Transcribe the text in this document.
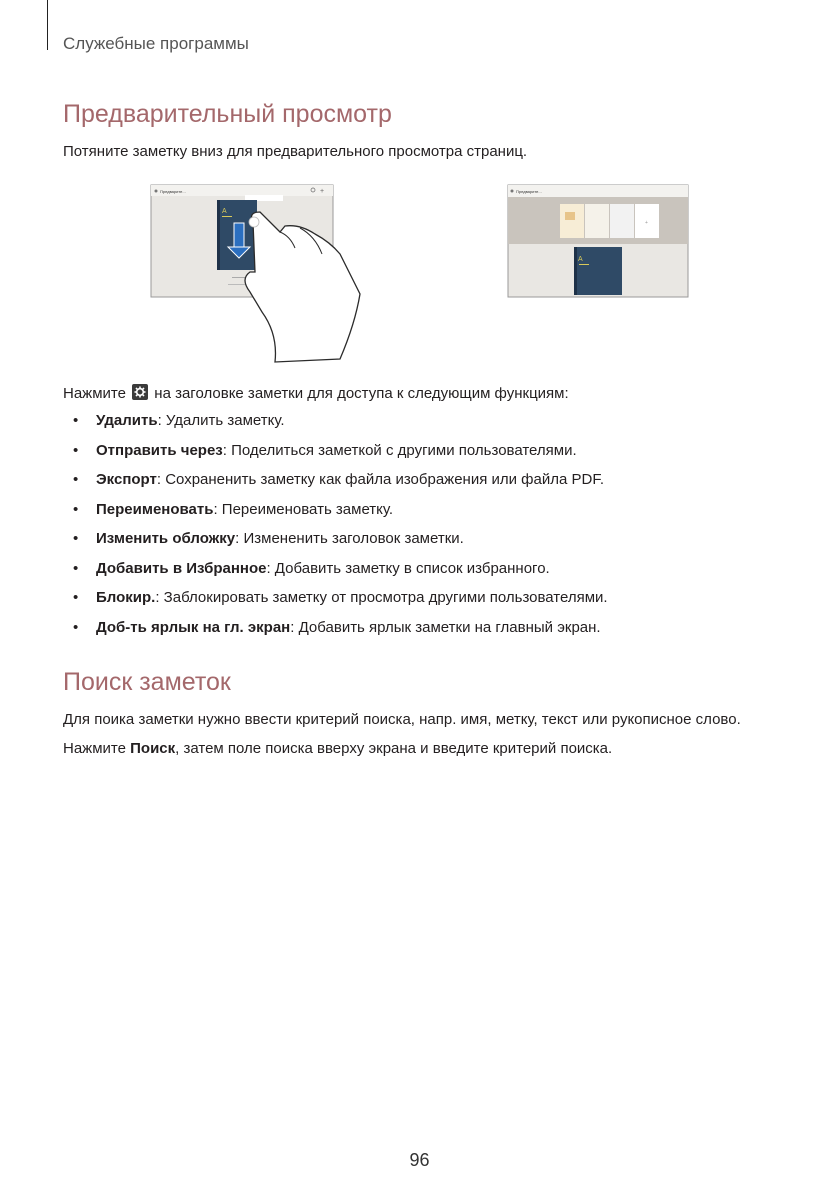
Служебные программы
Предварительный просмотр
Потяните заметку вниз для предварительного просмотра страниц.
Предварите...	+
A
Предварите...
+
A
Нажмите на заголовке заметки для доступа к следующим функциям:
• Удалить: Удалить заметку.
• Отправить через: Поделиться заметкой с другими пользователями.
• Экспорт: Сохраненить заметку как файла изображения или файла PDF.
• Переименовать: Переименовать заметку.
• Изменить обложку: Измененить заголовок заметки.
• Добавить в Избранное: Добавить заметку в список избранного.
• Блокир.: Заблокировать заметку от просмотра другими пользователями.
• Доб-ть ярлык на гл. экран: Добавить ярлык заметки на главный экран.
Поиск заметок
Для поика заметки нужно ввести критерий поиска, напр. имя, метку, текст или рукописное слово.
Нажмите Поиск, затем поле поиска вверху экрана и введите критерий поиска.
96
